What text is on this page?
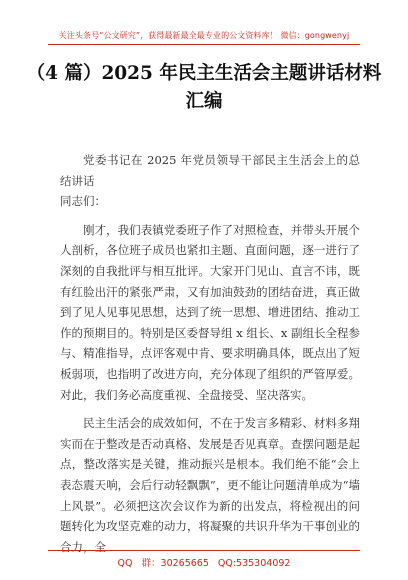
关注头条号“公文研究”，获得最新最全最专业的公文资料库！ 微信：gongwenyj
（4 篇）2025 年民主生活会主题讲话材料汇编

党委书记在 2025 年党员领导干部民主生活会上的总结讲话

同志们：

刚才，我们表镇党委班子作了对照检查，并带头开展个人剖析，各位班子成员也紧扣主题、直面问题，逐一进行了深刻的自我批评与相互批评。大家开门见山、直言不讳，既有红脸出汗的紧张严肃，又有加油鼓劲的团结奋进，真正做到了见人见事见思想，达到了统一思想、增进团结、推动工作的预期目的。特别是区委督导组 x 组长、x 副组长全程参与、精准指导，点评客观中肯、要求明确具体，既点出了短板弱项，也指明了改进方向，充分体现了组织的严管厚爱。对此，我们务必高度重视、全盘接受、坚决落实。

民主生活会的成效如何，不在于发言多精彩、材料多翔实而在于整改是否动真格、发展是否见真章。查摆问题是起点，整改落实是关键，推动振兴是根本。我们绝不能“会上表态震天响，会后行动轻飘飘”，更不能让问题清单成为“墙上风景”。必须把这次会议作为新的出发点，将检视出的问题转化为攻坚克难的动力，将凝聚的共识升华为干事创业的合力，全

QQ 群：30265665 QQ:535304092
